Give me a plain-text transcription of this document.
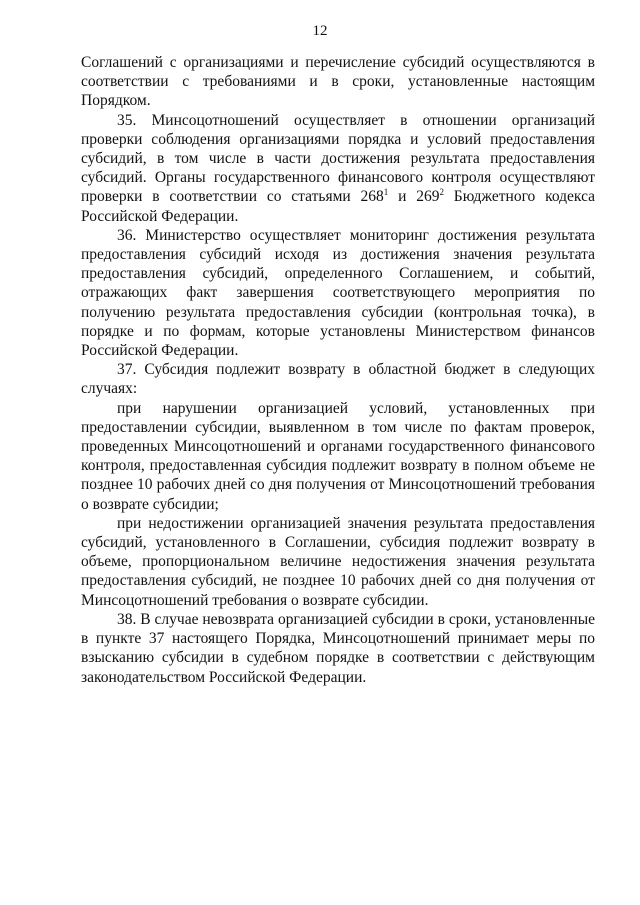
12

Соглашений с организациями и перечисление субсидий осуществляются в соответствии с требованиями и в сроки, установленные настоящим Порядком.

35. Минсоцотношений осуществляет в отношении организаций проверки соблюдения организациями порядка и условий предоставления субсидий, в том числе в части достижения результата предоставления субсидий. Органы государственного финансового контроля осуществляют проверки в соответствии со статьями $268^1$ и $269^2$ Бюджетного кодекса Российской Федерации.

36. Министерство осуществляет мониторинг достижения результата предоставления субсидий исходя из достижения значения результата предоставления субсидий, определенного Соглашением, и событий, отражающих факт завершения соответствующего мероприятия по получению результата предоставления субсидии (контрольная точка), в порядке и по формам, которые установлены Министерством финансов Российской Федерации.

37. Субсидия подлежит возврату в областной бюджет в следующих случаях:

при нарушении организацией условий, установленных при предоставлении субсидии, выявленном в том числе по фактам проверок, проведенных Минсоцотношений и органами государственного финансового контроля, предоставленная субсидия подлежит возврату в полном объеме не позднее 10 рабочих дней со дня получения от Минсоцотношений требования о возврате субсидии;

при недостижении организацией значения результата предоставления субсидий, установленного в Соглашении, субсидия подлежит возврату в объеме, пропорциональном величине недостижения значения результата предоставления субсидий, не позднее 10 рабочих дней со дня получения от Минсоцотношений требования о возврате субсидии.

38. В случае невозврата организацией субсидии в сроки, установленные в пункте 37 настоящего Порядка, Минсоцотношений принимает меры по взысканию субсидии в судебном порядке в соответствии с действующим законодательством Российской Федерации.
